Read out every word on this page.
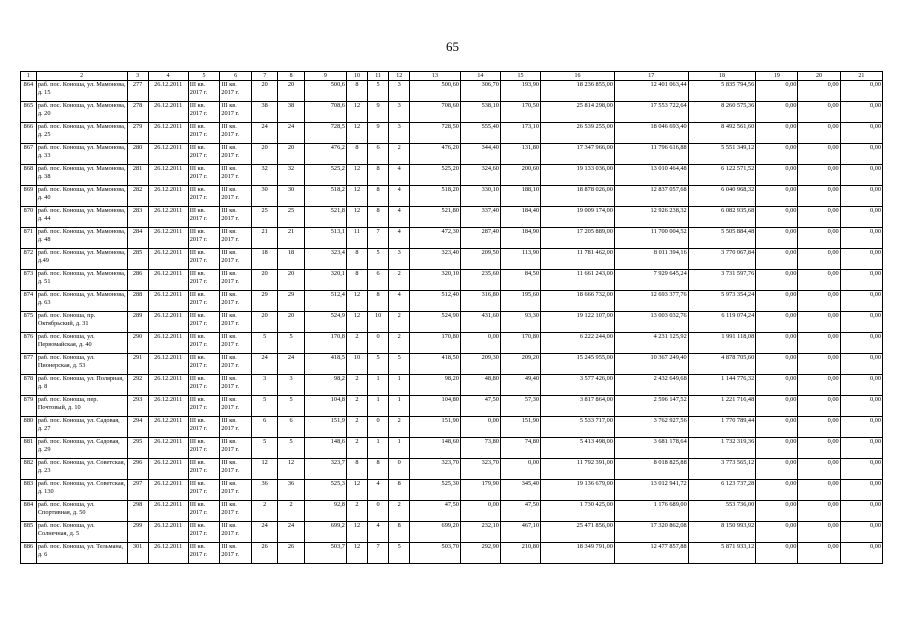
65
1	2	3	4	5	6	7	8	9	10	11	12	13	14	15	16	17	18	19	20	21
864	раб. пос. Коноша, ул. Мамонова, д. 15	277	26.12.2011	III кв. 2017 г.	III кв. 2017 г.	20	20	500,6	8	5	3	500,60	306,70	193,90	18 236 855,00	12 401 063,44	5 835 794,56	0,00	0,00	0,00
865	раб. пос. Коноша, ул. Мамонова, д. 20	278	26.12.2011	III кв. 2017 г.	III кв. 2017 г.	38	38	708,6	12	9	3	708,60	538,10	170,50	25 814 298,00	17 553 722,64	8 260 575,36	0,00	0,00	0,00
866	раб. пос. Коноша, ул. Мамонова, д. 25	279	26.12.2011	III кв. 2017 г.	III кв. 2017 г.	24	24	728,5	12	9	3	728,50	555,40	173,10	26 539 255,00	18 046 693,40	8 492 561,60	0,00	0,00	0,00
867	раб. пос. Коноша, ул. Мамонова, д. 33	280	26.12.2011	III кв. 2017 г.	III кв. 2017 г.	20	20	476,2	8	6	2	476,20	344,40	131,80	17 347 966,00	11 796 616,88	5 551 349,12	0,00	0,00	0,00
868	раб. пос. Коноша, ул. Мамонова, д. 38	281	26.12.2011	III кв. 2017 г.	III кв. 2017 г.	32	32	525,2	12	8	4	525,20	324,60	200,60	19 133 036,00	13 010 464,48	6 122 571,52	0,00	0,00	0,00
869	раб. пос. Коноша, ул. Мамонова, д. 40	282	26.12.2011	III кв. 2017 г.	III кв. 2017 г.	30	30	518,2	12	8	4	518,20	330,10	188,10	18 878 026,00	12 837 057,68	6 040 968,32	0,00	0,00	0,00
870	раб. пос. Коноша, ул. Мамонова, д. 44	283	26.12.2011	III кв. 2017 г.	III кв. 2017 г.	25	25	521,8	12	8	4	521,80	337,40	184,40	19 009 174,00	12 926 238,32	6 082 935,68	0,00	0,00	0,00
871	раб. пос. Коноша, ул. Мамонова, д. 48	284	26.12.2011	III кв. 2017 г.	III кв. 2017 г.	21	21	513,1	11	7	4	472,30	287,40	184,90	17 205 889,00	11 700 004,52	5 505 884,48	0,00	0,00	0,00
872	раб. пос. Коноша, ул. Мамонова, д.49	285	26.12.2011	III кв. 2017 г.	III кв. 2017 г.	18	18	323,4	8	5	3	323,40	209,50	113,90	11 781 462,00	8 011 394,16	3 770 067,84	0,00	0,00	0,00
873	раб. пос. Коноша, ул. Мамонова, д. 51	286	26.12.2011	III кв. 2017 г.	III кв. 2017 г.	20	20	320,1	8	6	2	320,10	235,60	84,50	11 661 243,00	7 929 645,24	3 731 597,76	0,00	0,00	0,00
874	раб. пос. Коноша, ул. Мамонова, д. 63	288	26.12.2011	III кв. 2017 г.	III кв. 2017 г.	29	29	512,4	12	8	4	512,40	316,80	195,60	18 666 732,00	12 693 377,76	5 973 354,24	0,00	0,00	0,00
875	раб. пос. Коноша, пр. Октябрьский, д. 31	289	26.12.2011	III кв. 2017 г.	III кв. 2017 г.	20	20	524,9	12	10	2	524,90	431,60	93,30	19 122 107,00	13 003 032,76	6 119 074,24	0,00	0,00	0,00
876	раб. пос. Коноша, ул. Первомайская, д. 40	290	26.12.2011	III кв. 2017 г.	III кв. 2017 г.	5	5	170,8	2	0	2	170,80	0,00	170,80	6 222 244,00	4 231 125,92	1 991 118,08	0,00	0,00	0,00
877	раб. пос. Коноша, ул. Пионерская, д. 53	291	26.12.2011	III кв. 2017 г.	III кв. 2017 г.	24	24	418,5	10	5	5	418,50	209,30	209,20	15 245 955,00	10 367 249,40	4 878 705,60	0,00	0,00	0,00
878	раб. пос. Коноша, ул. Полярная, д. 8	292	26.12.2011	III кв. 2017 г.	III кв. 2017 г.	3	3	98,2	2	1	1	98,20	48,80	49,40	3 577 426,00	2 432 649,68	1 144 776,32	0,00	0,00	0,00
879	раб. пос. Коноша, пер. Почтовый, д. 10	293	26.12.2011	III кв. 2017 г.	III кв. 2017 г.	5	5	104,8	2	1	1	104,80	47,50	57,30	3 817 864,00	2 596 147,52	1 221 716,48	0,00	0,00	0,00
880	раб. пос. Коноша, ул. Садовая, д. 27	294	26.12.2011	III кв. 2017 г.	III кв. 2017 г.	6	6	151,9	2	0	2	151,90	0,00	151,90	5 533 717,00	3 762 927,56	1 770 789,44	0,00	0,00	0,00
881	раб. пос. Коноша, ул. Садовая, д. 29	295	26.12.2011	III кв. 2017 г.	III кв. 2017 г.	5	5	148,6	2	1	1	148,60	73,80	74,80	5 413 498,00	3 681 178,64	1 732 319,36	0,00	0,00	0,00
882	раб. пос. Коноша, ул. Советская, д. 23	296	26.12.2011	III кв. 2017 г.	III кв. 2017 г.	12	12	323,7	8	8	0	323,70	323,70	0,00	11 792 391,00	8 018 825,88	3 773 565,12	0,00	0,00	0,00
883	раб. пос. Коноша, ул. Советская, д. 130	297	26.12.2011	III кв. 2017 г.	III кв. 2017 г.	36	36	525,3	12	4	8	525,30	179,90	345,40	19 136 679,00	13 012 941,72	6 123 737,28	0,00	0,00	0,00
884	раб. пос. Коноша, ул. Спортивная, д. 50	298	26.12.2011	III кв. 2017 г.	III кв. 2017 г.	2	2	92,8	2	0	2	47,50	0,00	47,50	1 730 425,00	1 176 689,00	553 736,00	0,00	0,00	0,00
885	раб. пос. Коноша, ул. Солнечная, д. 5	299	26.12.2011	III кв. 2017 г.	III кв. 2017 г.	24	24	699,2	12	4	8	699,20	232,10	467,10	25 471 856,00	17 320 862,08	8 150 993,92	0,00	0,00	0,00
886	раб. пос. Коноша, ул. Тельмана, д. 6	301	26.12.2011	III кв. 2017 г.	III кв. 2017 г.	26	26	503,7	12	7	5	503,70	292,90	210,80	18 349 791,00	12 477 857,88	5 871 933,12	0,00	0,00	0,00
